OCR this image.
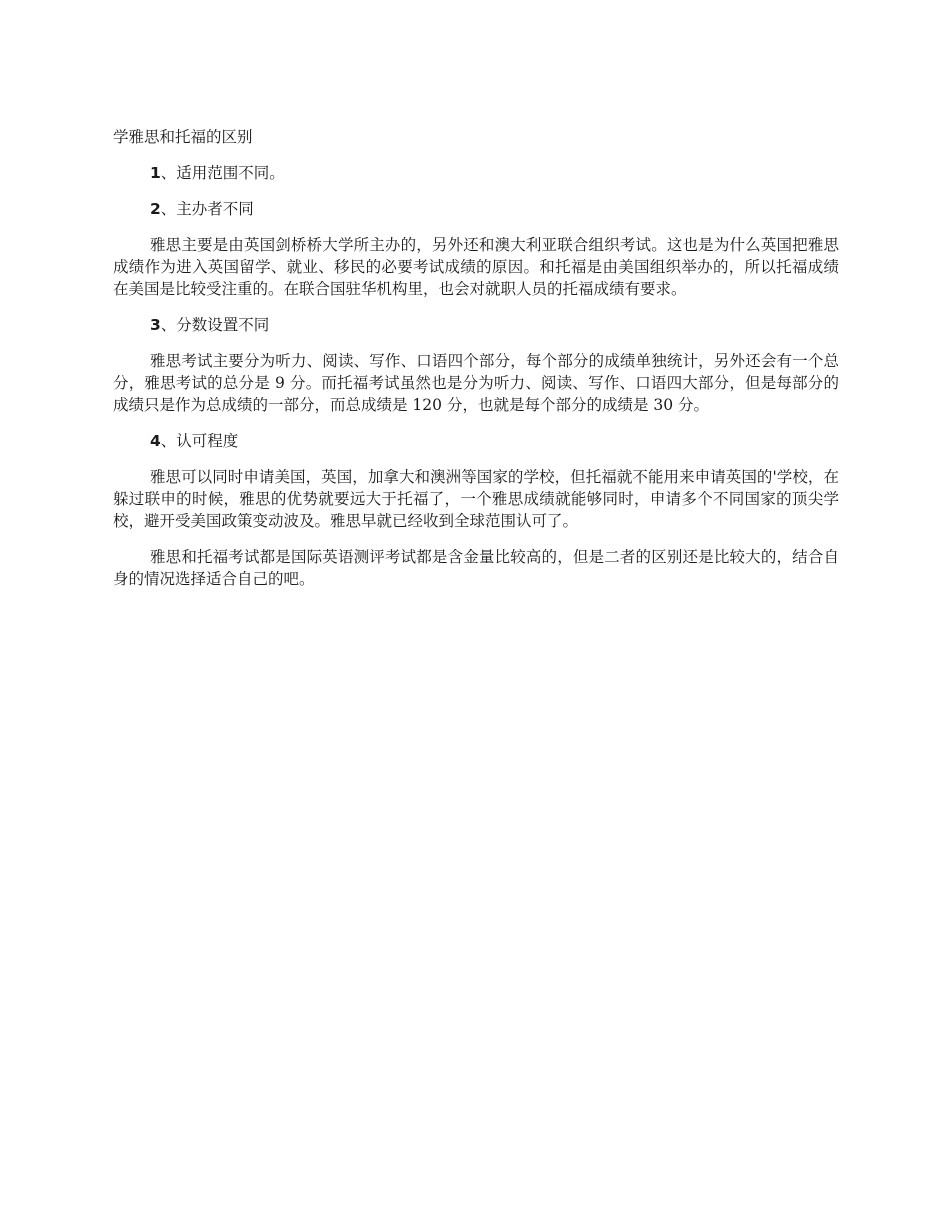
学雅思和托福的区别

1、适用范围不同。

2、主办者不同

雅思主要是由英国剑桥桥大学所主办的，另外还和澳大利亚联合组织考试。这也是为什么英国把雅思成绩作为进入英国留学、就业、移民的必要考试成绩的原因。和托福是由美国组织举办的，所以托福成绩在美国是比较受注重的。在联合国驻华机构里，也会对就职人员的托福成绩有要求。

3、分数设置不同

雅思考试主要分为听力、阅读、写作、口语四个部分，每个部分的成绩单独统计，另外还会有一个总分，雅思考试的总分是 9 分。而托福考试虽然也是分为听力、阅读、写作、口语四大部分，但是每部分的成绩只是作为总成绩的一部分，而总成绩是 120 分，也就是每个部分的成绩是 30 分。

4、认可程度

雅思可以同时申请美国，英国，加拿大和澳洲等国家的学校，但托福就不能用来申请英国的'学校，在躲过联申的时候，雅思的优势就要远大于托福了，一个雅思成绩就能够同时，申请多个不同国家的顶尖学校，避开受美国政策变动波及。雅思早就已经收到全球范围认可了。

雅思和托福考试都是国际英语测评考试都是含金量比较高的，但是二者的区别还是比较大的，结合自身的情况选择适合自己的吧。
